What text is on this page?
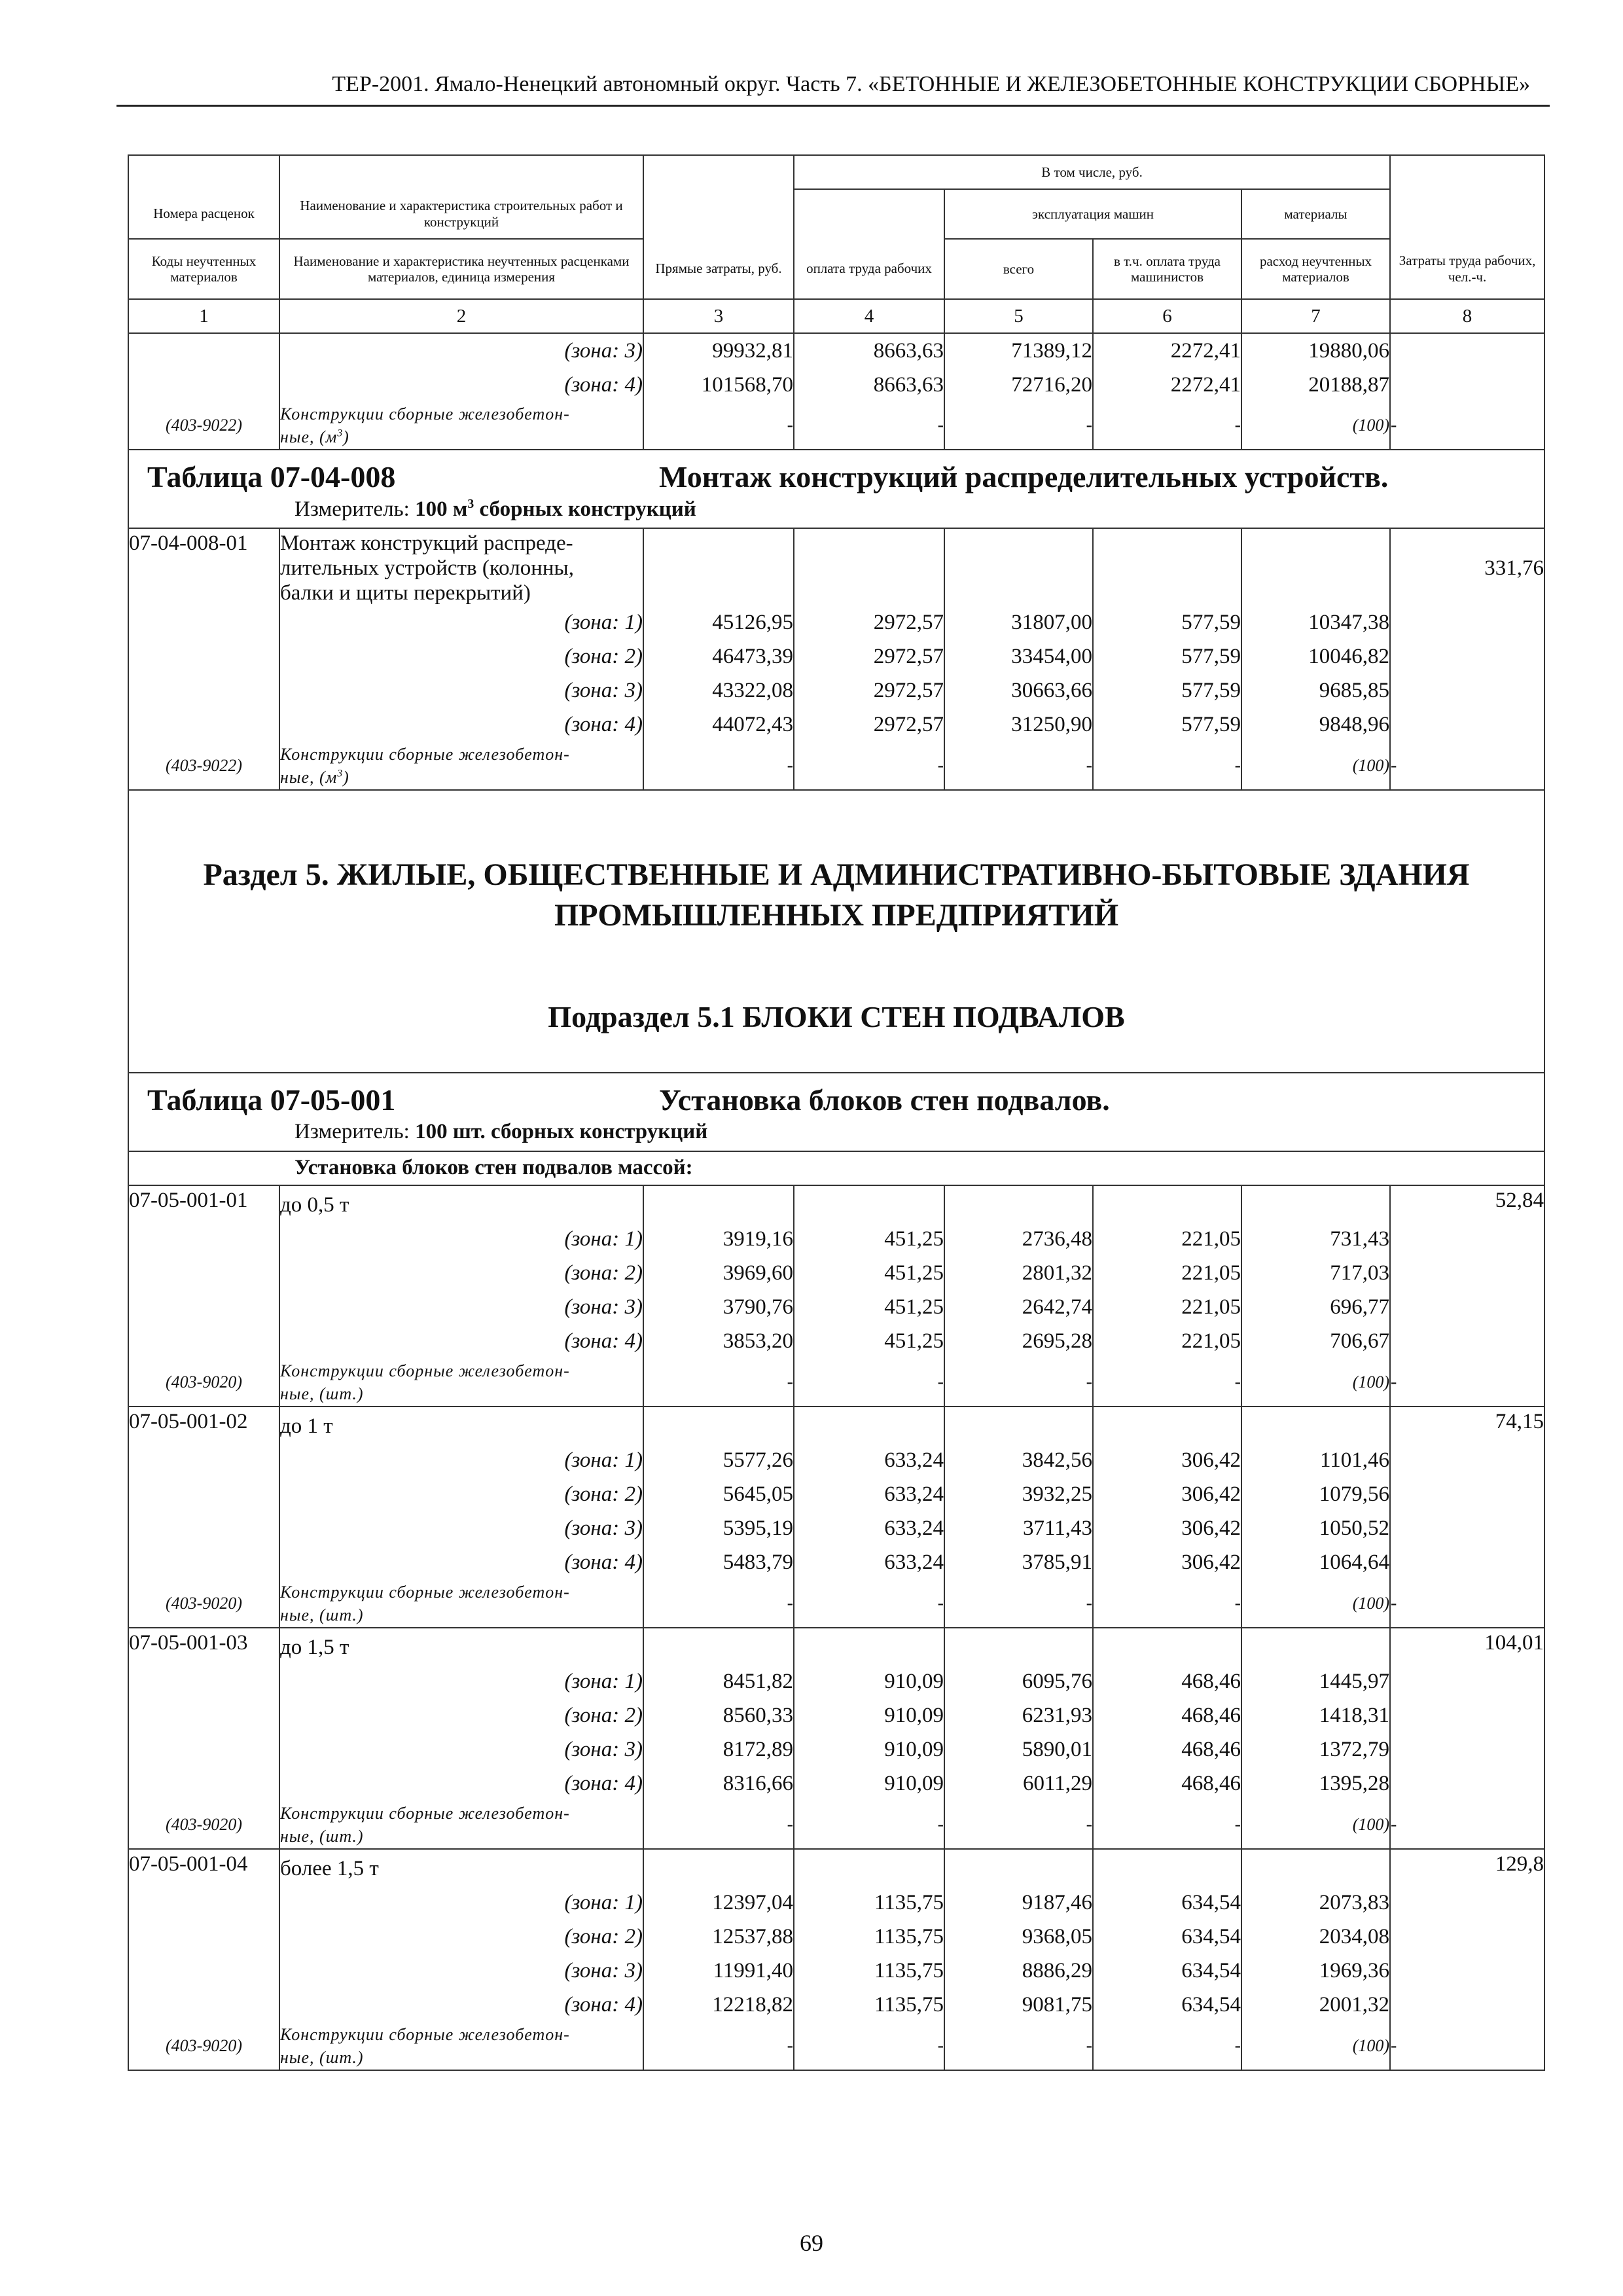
ТЕР-2001. Ямало-Ненецкий автономный округ. Часть 7. «БЕТОННЫЕ И ЖЕЛЕЗОБЕТОННЫЕ КОНСТРУКЦИИ СБОРНЫЕ»
			В том числе, руб.				
Номера расценок	Наименование и характеристика строительных работ и конструкций			эксплуатация машин		материалы	
Коды неучтенных материалов	Наименование и характеристика неучтенных расценками материалов, единица измерения	Прямые затраты, руб.	оплата труда рабочих	всего	в т.ч. оплата труда машинистов	расход неучтенных материалов	Затраты труда рабочих, чел.-ч.
1	2	3	4	5	6	7	8
	(зона: 3)	99932,81	8663,63	71389,12	2272,41	19880,06	
	(зона: 4)	101568,70	8663,63	72716,20	2272,41	20188,87	
(403-9022)	Конструкции сборные железобетон-
ные, $(м^3)$	-	-	-	-	(100)	-

Таблица 07-04-008 Монтаж конструкций распределительных устройств.							

Измеритель: 100 $м^3$ сборных конструкций							
07-04-008-01	Монтаж конструкций распреде-
лительных устройств (колонны,
балки и щиты перекрытий)						331,76
	(зона: 1)	45126,95	2972,57	31807,00	577,59	10347,38	
	(зона: 2)	46473,39	2972,57	33454,00	577,59	10046,82	
	(зона: 3)	43322,08	2972,57	30663,66	577,59	9685,85	
	(зона: 4)	44072,43	2972,57	31250,90	577,59	9848,96	
(403-9022)	Конструкции сборные железобетон-
ные, $(м^3)$	-	-	-	-	(100)	-

Раздел 5. ЖИЛЫЕ, ОБЩЕСТВЕННЫЕ И АДМИНИСТРАТИВНО-БЫТОВЫЕ ЗДАНИЯ
ПРОМЫШЛЕННЫХ ПРЕДПРИЯТИЙ
Подраздел 5.1 БЛОКИ СТЕН ПОДВАЛОВ							

Таблица 07-05-001 Установка блоков стен подвалов.							

Измеритель: 100 шт. сборных конструкций							
Установка блоков стен подвалов массой:							
07-05-001-01	до 0,5 т						52,84
	(зона: 1)	3919,16	451,25	2736,48	221,05	731,43	
	(зона: 2)	3969,60	451,25	2801,32	221,05	717,03	
	(зона: 3)	3790,76	451,25	2642,74	221,05	696,77	
	(зона: 4)	3853,20	451,25	2695,28	221,05	706,67	
(403-9020)	Конструкции сборные железобетон-
ные, (шт.)	-	-	-	-	(100)	-
07-05-001-02	до 1 т						74,15
	(зона: 1)	5577,26	633,24	3842,56	306,42	1101,46	
	(зона: 2)	5645,05	633,24	3932,25	306,42	1079,56	
	(зона: 3)	5395,19	633,24	3711,43	306,42	1050,52	
	(зона: 4)	5483,79	633,24	3785,91	306,42	1064,64	
(403-9020)	Конструкции сборные железобетон-
ные, (шт.)	-	-	-	-	(100)	-
07-05-001-03	до 1,5 т						104,01
	(зона: 1)	8451,82	910,09	6095,76	468,46	1445,97	
	(зона: 2)	8560,33	910,09	6231,93	468,46	1418,31	
	(зона: 3)	8172,89	910,09	5890,01	468,46	1372,79	
	(зона: 4)	8316,66	910,09	6011,29	468,46	1395,28	
(403-9020)	Конструкции сборные железобетон-
ные, (шт.)	-	-	-	-	(100)	-
07-05-001-04	более 1,5 т						129,8
	(зона: 1)	12397,04	1135,75	9187,46	634,54	2073,83	
	(зона: 2)	12537,88	1135,75	9368,05	634,54	2034,08	
	(зона: 3)	11991,40	1135,75	8886,29	634,54	1969,36	
	(зона: 4)	12218,82	1135,75	9081,75	634,54	2001,32	
(403-9020)	Конструкции сборные железобетон-
ные, (шт.)	-	-	-	-	(100)	-
69
